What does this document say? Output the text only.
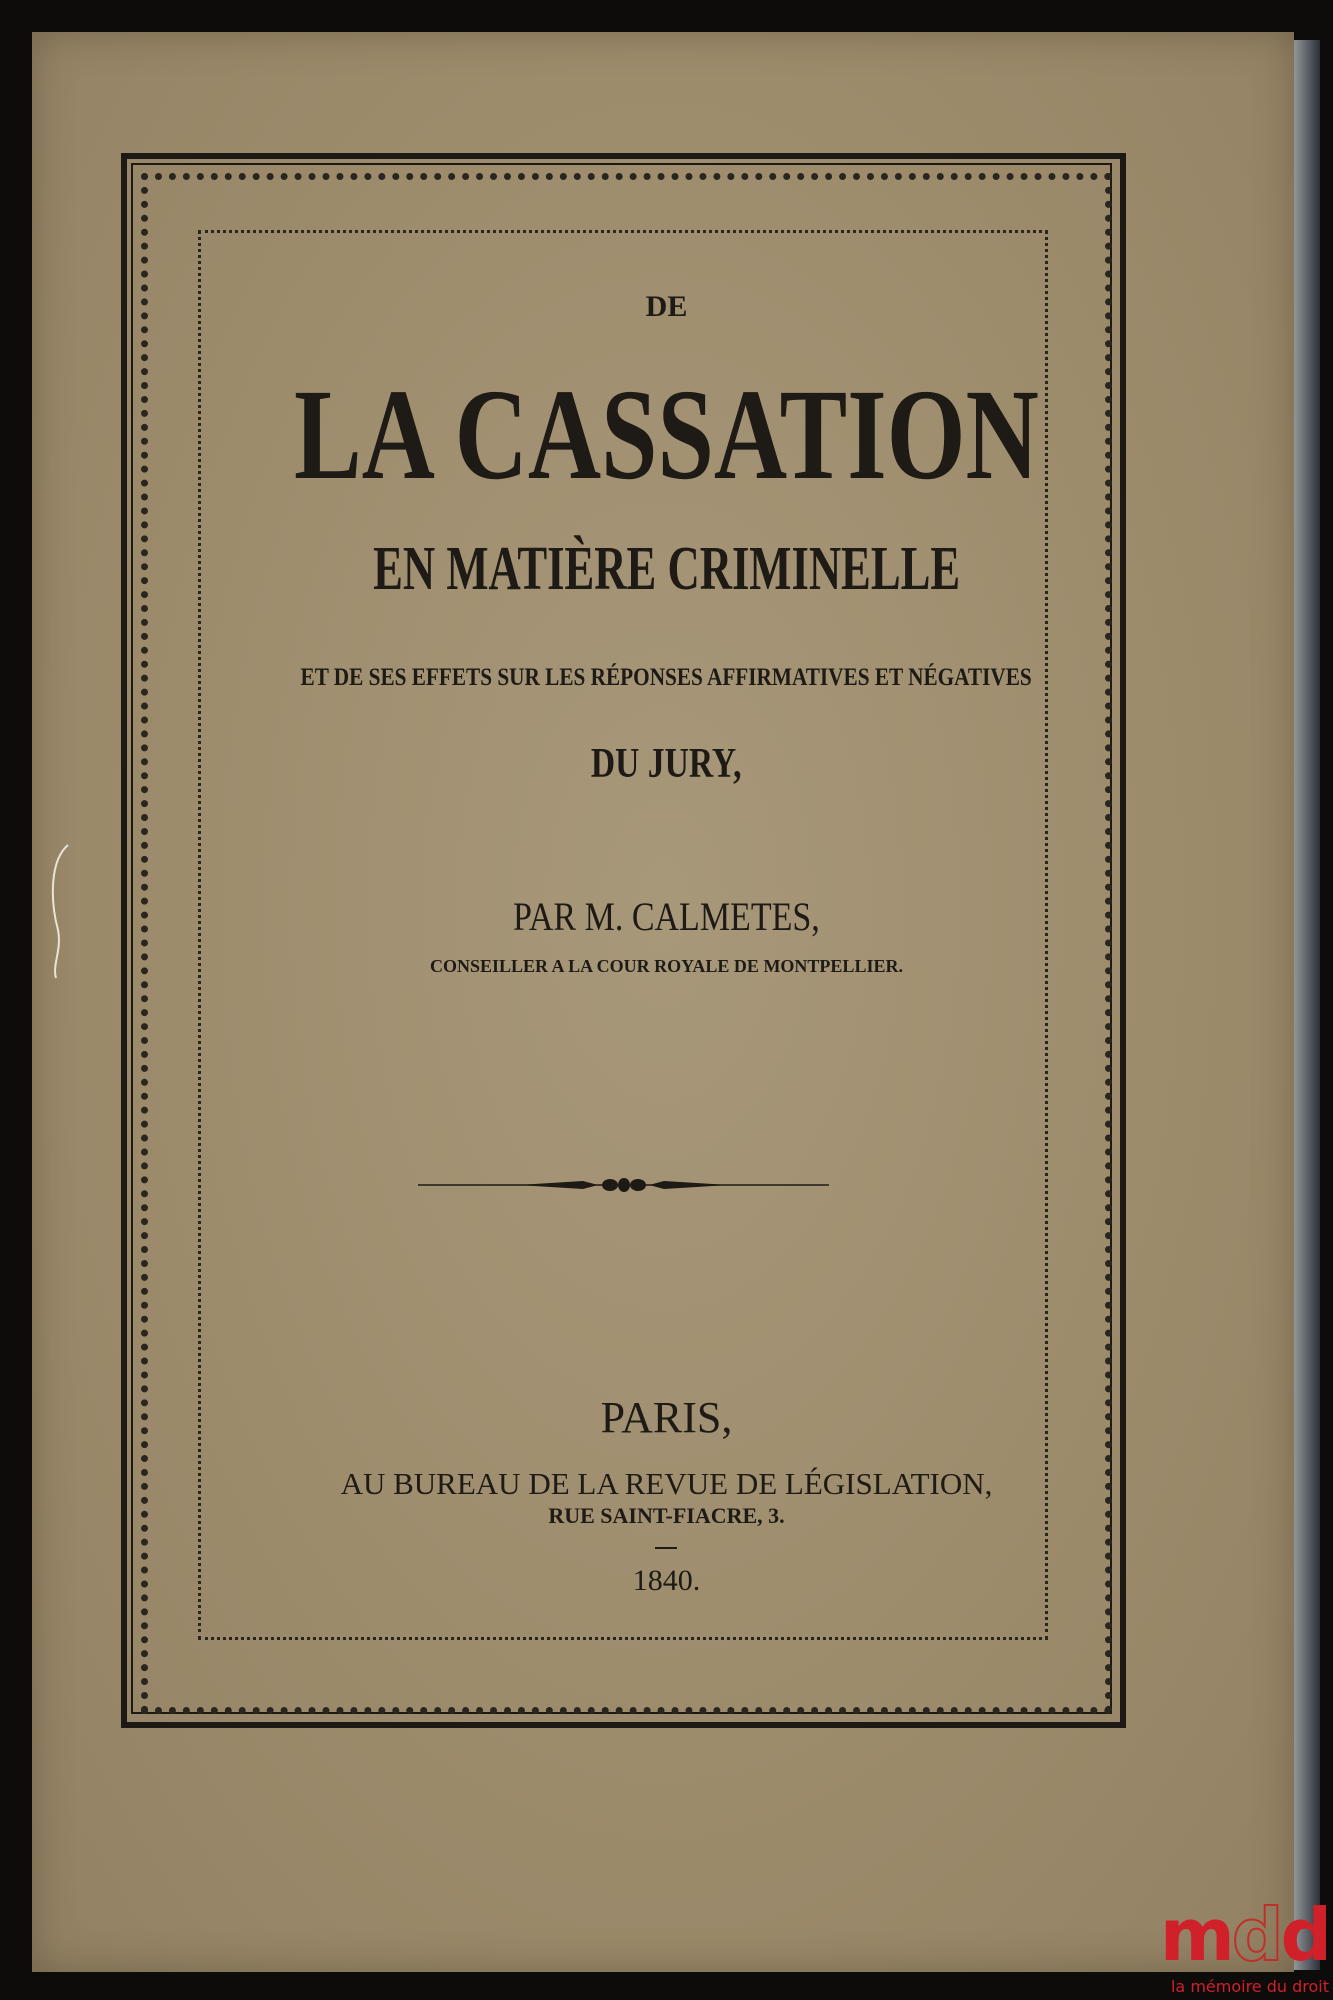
DE
LA CASSATION
EN MATIÈRE CRIMINELLE
ET DE SES EFFETS SUR LES RÉPONSES AFFIRMATIVES ET NÉGATIVES
DU JURY,
PAR M. CALMETES,
CONSEILLER A LA COUR ROYALE DE MONTPELLIER.
PARIS,
AU BUREAU DE LA REVUE DE LÉGISLATION,
RUE SAINT-FIACRE, 3.
1840.
mdd
la mémoire du droit
